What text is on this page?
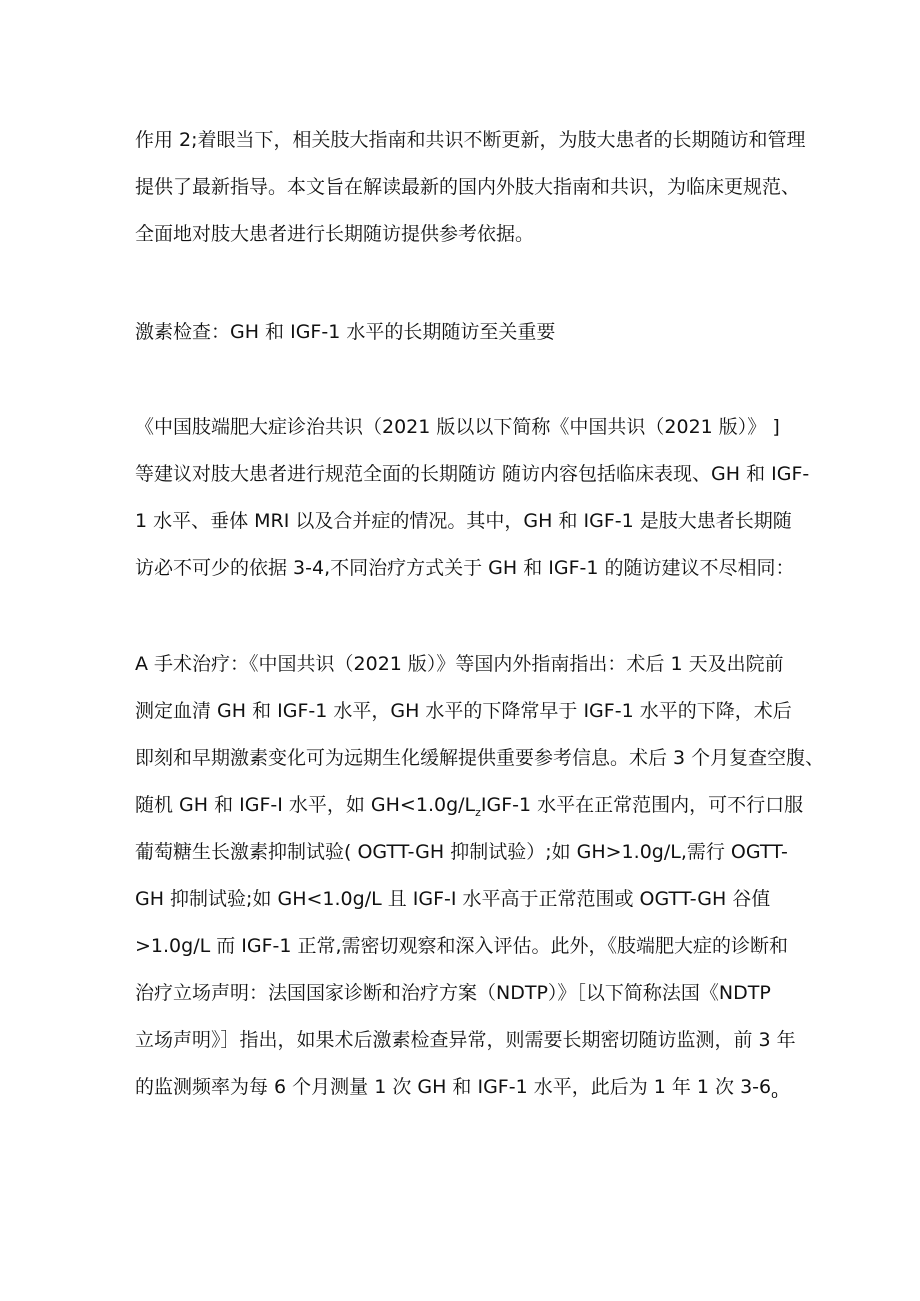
作用 2;着眼当下，相关肢大指南和共识不断更新，为肢大患者的长期随访和管理
提供了最新指导。本文旨在解读最新的国内外肢大指南和共识，为临床更规范、
全面地对肢大患者进行长期随访提供参考依据。

激素检查：GH 和 IGF-1 水平的长期随访至关重要

《中国肢端肥大症诊治共识（2021 版以以下简称《中国共识（2021 版）》 ]
等建议对肢大患者进行规范全面的长期随访 随访内容包括临床表现、GH 和 IGF-
1 水平、垂体 MRI 以及合并症的情况。其中，GH 和 IGF-1 是肢大患者长期随
访必不可少的依据 3-4,不同治疗方式关于 GH 和 IGF-1 的随访建议不尽相同：

A 手术治疗：《中国共识（2021 版）》等国内外指南指出：术后 1 天及出院前
测定血清 GH 和 IGF-1 水平，GH 水平的下降常早于 IGF-1 水平的下降，术后
即刻和早期激素变化可为远期生化缓解提供重要参考信息。术后 3 个月复查空腹、
随机 GH 和 IGF-I 水平，如 $GH<1.0g/L_zIGF-1$ 水平在正常范围内，可不行口服
葡萄糖生长激素抑制试验( OGTT-GH 抑制试验）;如 GH>1.0g/L,需行 OGTT-
GH 抑制试验;如 GH<1.0g/L 且 IGF-I 水平高于正常范围或 OGTT-GH 谷值
>1.0g/L 而 IGF-1 正常,需密切观察和深入评估。此外，《肢端肥大症的诊断和
治疗立场声明：法国国家诊断和治疗方案（NDTP）》［以下简称法国《NDTP
立场声明》］指出，如果术后激素检查异常，则需要长期密切随访监测，前 3 年
的监测频率为每 6 个月测量 1 次 GH 和 IGF-1 水平，此后为 1 年 1 次 $3-6_o$
